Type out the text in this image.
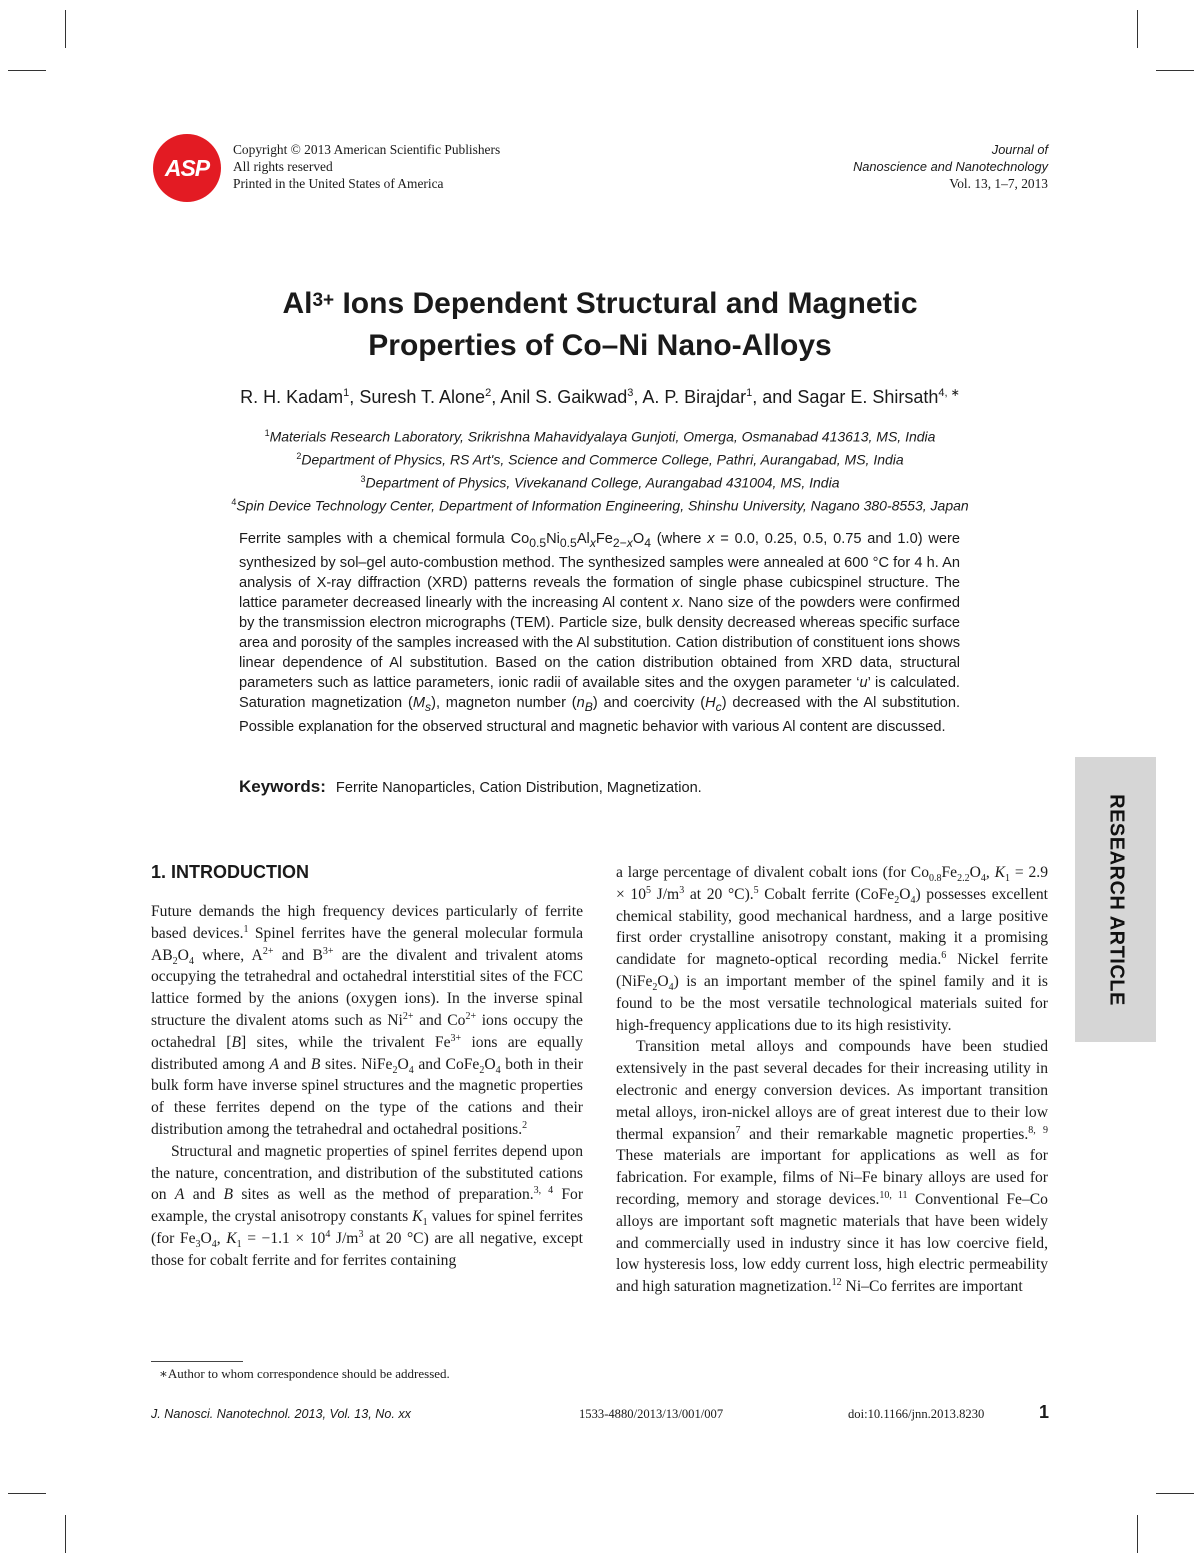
ASP
Copyright © 2013 American Scientific Publishers
All rights reserved
Printed in the United States of America
Journal of
Nanoscience and Nanotechnology
Vol. 13, 1–7, 2013
$Al^{3+}$ Ions Dependent Structural and Magnetic
Properties of Co–Ni Nano-Alloys
R. H. Kadam$^1$, Suresh T. Alone$^2$, Anil S. Gaikwad$^3$, A. P. Birajdar$^1$, and Sagar E. Shirsath$^{4, ∗}$
$^1$Materials Research Laboratory, Srikrishna Mahavidyalaya Gunjoti, Omerga, Osmanabad 413613, MS, India
$^2$Department of Physics, RS Art's, Science and Commerce College, Pathri, Aurangabad, MS, India
$^3$Department of Physics, Vivekanand College, Aurangabad 431004, MS, India
$^4$Spin Device Technology Center, Department of Information Engineering, Shinshu University, Nagano 380-8553, Japan
Ferrite samples with a chemical formula $Co_{0.5}Ni_{0.5}Al_xFe_{2-x}O_4$ (where x = 0.0, 0.25, 0.5, 0.75 and 1.0) were synthesized by sol–gel auto-combustion method. The synthesized samples were annealed at 600 °C for 4 h. An analysis of X-ray diffraction (XRD) patterns reveals the formation of single phase cubicspinel structure. The lattice parameter decreased linearly with the increasing Al content x. Nano size of the powders were confirmed by the transmission electron micrographs (TEM). Particle size, bulk density decreased whereas specific surface area and porosity of the samples increased with the Al substitution. Cation distribution of constituent ions shows linear dependence of Al substitution. Based on the cation distribution obtained from XRD data, structural parameters such as lattice parameters, ionic radii of available sites and the oxygen parameter ‘u’ is calculated. Saturation magnetization $(M_s)$, magneton number $(n_B)$ and coercivity $(H_c)$ decreased with the Al substitution. Possible explanation for the observed structural and magnetic behavior with various Al content are discussed.
Keywords: Ferrite Nanoparticles, Cation Distribution, Magnetization.
RESEARCH ARTICLE
1. INTRODUCTION

Future demands the high frequency devices particularly of ferrite based devices.$^1$ Spinel ferrites have the general molecular formula $AB_2O_4$ where, $A^{2+}$ and $B^{3+}$ are the divalent and trivalent atoms occupying the tetrahedral and octahedral interstitial sites of the FCC lattice formed by the anions (oxygen ions). In the inverse spinal structure the divalent atoms such as $Ni^{2+}$ and $Co^{2+}$ ions occupy the octahedral [B] sites, while the trivalent $Fe^{3+}$ ions are equally distributed among A and B sites. $NiFe_2O_4$ and $CoFe_2O_4$ both in their bulk form have inverse spinel structures and the magnetic properties of these ferrites depend on the type of the cations and their distribution among the tetrahedral and octahedral positions.$^2$

Structural and magnetic properties of spinel ferrites depend upon the nature, concentration, and distribution of the substituted cations on A and B sites as well as the method of preparation.$^{3, 4}$ For example, the crystal anisotropy constants $K_1$ values for spinel ferrites (for $Fe_3O_4$, $K_1 = -1.1 \times 10^4$ $J/m^3$ at 20 °C) are all negative, except those for cobalt ferrite and for ferrites containing

a large percentage of divalent cobalt ions (for $Co_{0.8}Fe_{2.2}O_4$, $K_1 = 2.9 \times 10^5$ $J/m^3$ at 20 °C).$^5$ Cobalt ferrite $(CoFe_2O_4)$ possesses excellent chemical stability, good mechanical hardness, and a large positive first order crystalline anisotropy constant, making it a promising candidate for magneto-optical recording media.$^6$ Nickel ferrite $(NiFe_2O_4)$ is an important member of the spinel family and it is found to be the most versatile technological materials suited for high-frequency applications due to its high resistivity.

Transition metal alloys and compounds have been studied extensively in the past several decades for their increasing utility in electronic and energy conversion devices. As important transition metal alloys, iron-nickel alloys are of great interest due to their low thermal expansion$^7$ and their remarkable magnetic properties.$^{8, 9}$ These materials are important for applications as well as for fabrication. For example, films of Ni–Fe binary alloys are used for recording, memory and storage devices.$^{10, 11}$ Conventional Fe–Co alloys are important soft magnetic materials that have been widely and commercially used in industry since it has low coercive field, low hysteresis loss, low eddy current loss, high electric permeability and high saturation magnetization.$^{12}$ Ni–Co ferrites are important

∗Author to whom correspondence should be addressed.
J. Nanosci. Nanotechnol. 2013, Vol. 13, No. xx	1533-4880/2013/13/001/007	doi:10.1166/jnn.2013.8230	1
